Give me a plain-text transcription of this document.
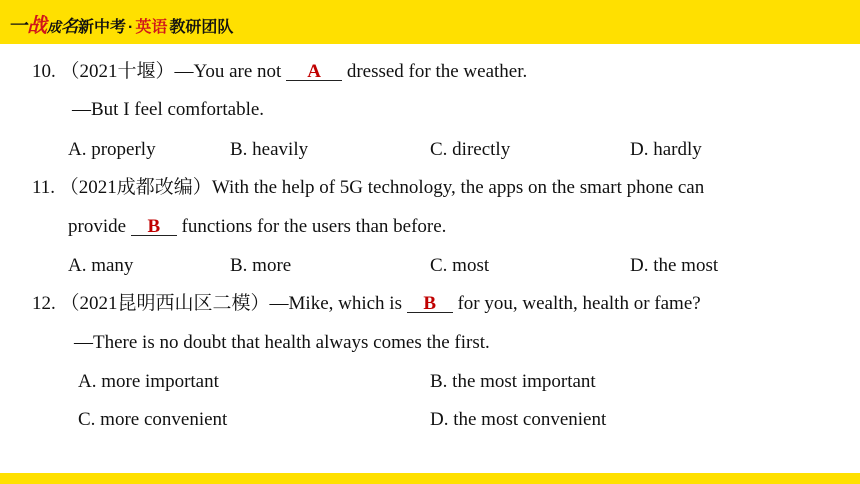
一 战 成 名 新中考 · 英语 教研团队
10. （2021十堰）—You are not A dressed for the weather.
—But I feel comfortable.
A. properly	B. heavily	C. directly	D. hardly
11. （2021成都改编）With the help of 5G technology, the apps on the smart phone can
provide B functions for the users than before.
A. many	B. more	C. most	D. the most
12. （2021昆明西山区二模）—Mike, which is B for you, wealth, health or fame?
—There is no doubt that health always comes the first.
A. more important	B. the most important
C. more convenient	D. the most convenient
